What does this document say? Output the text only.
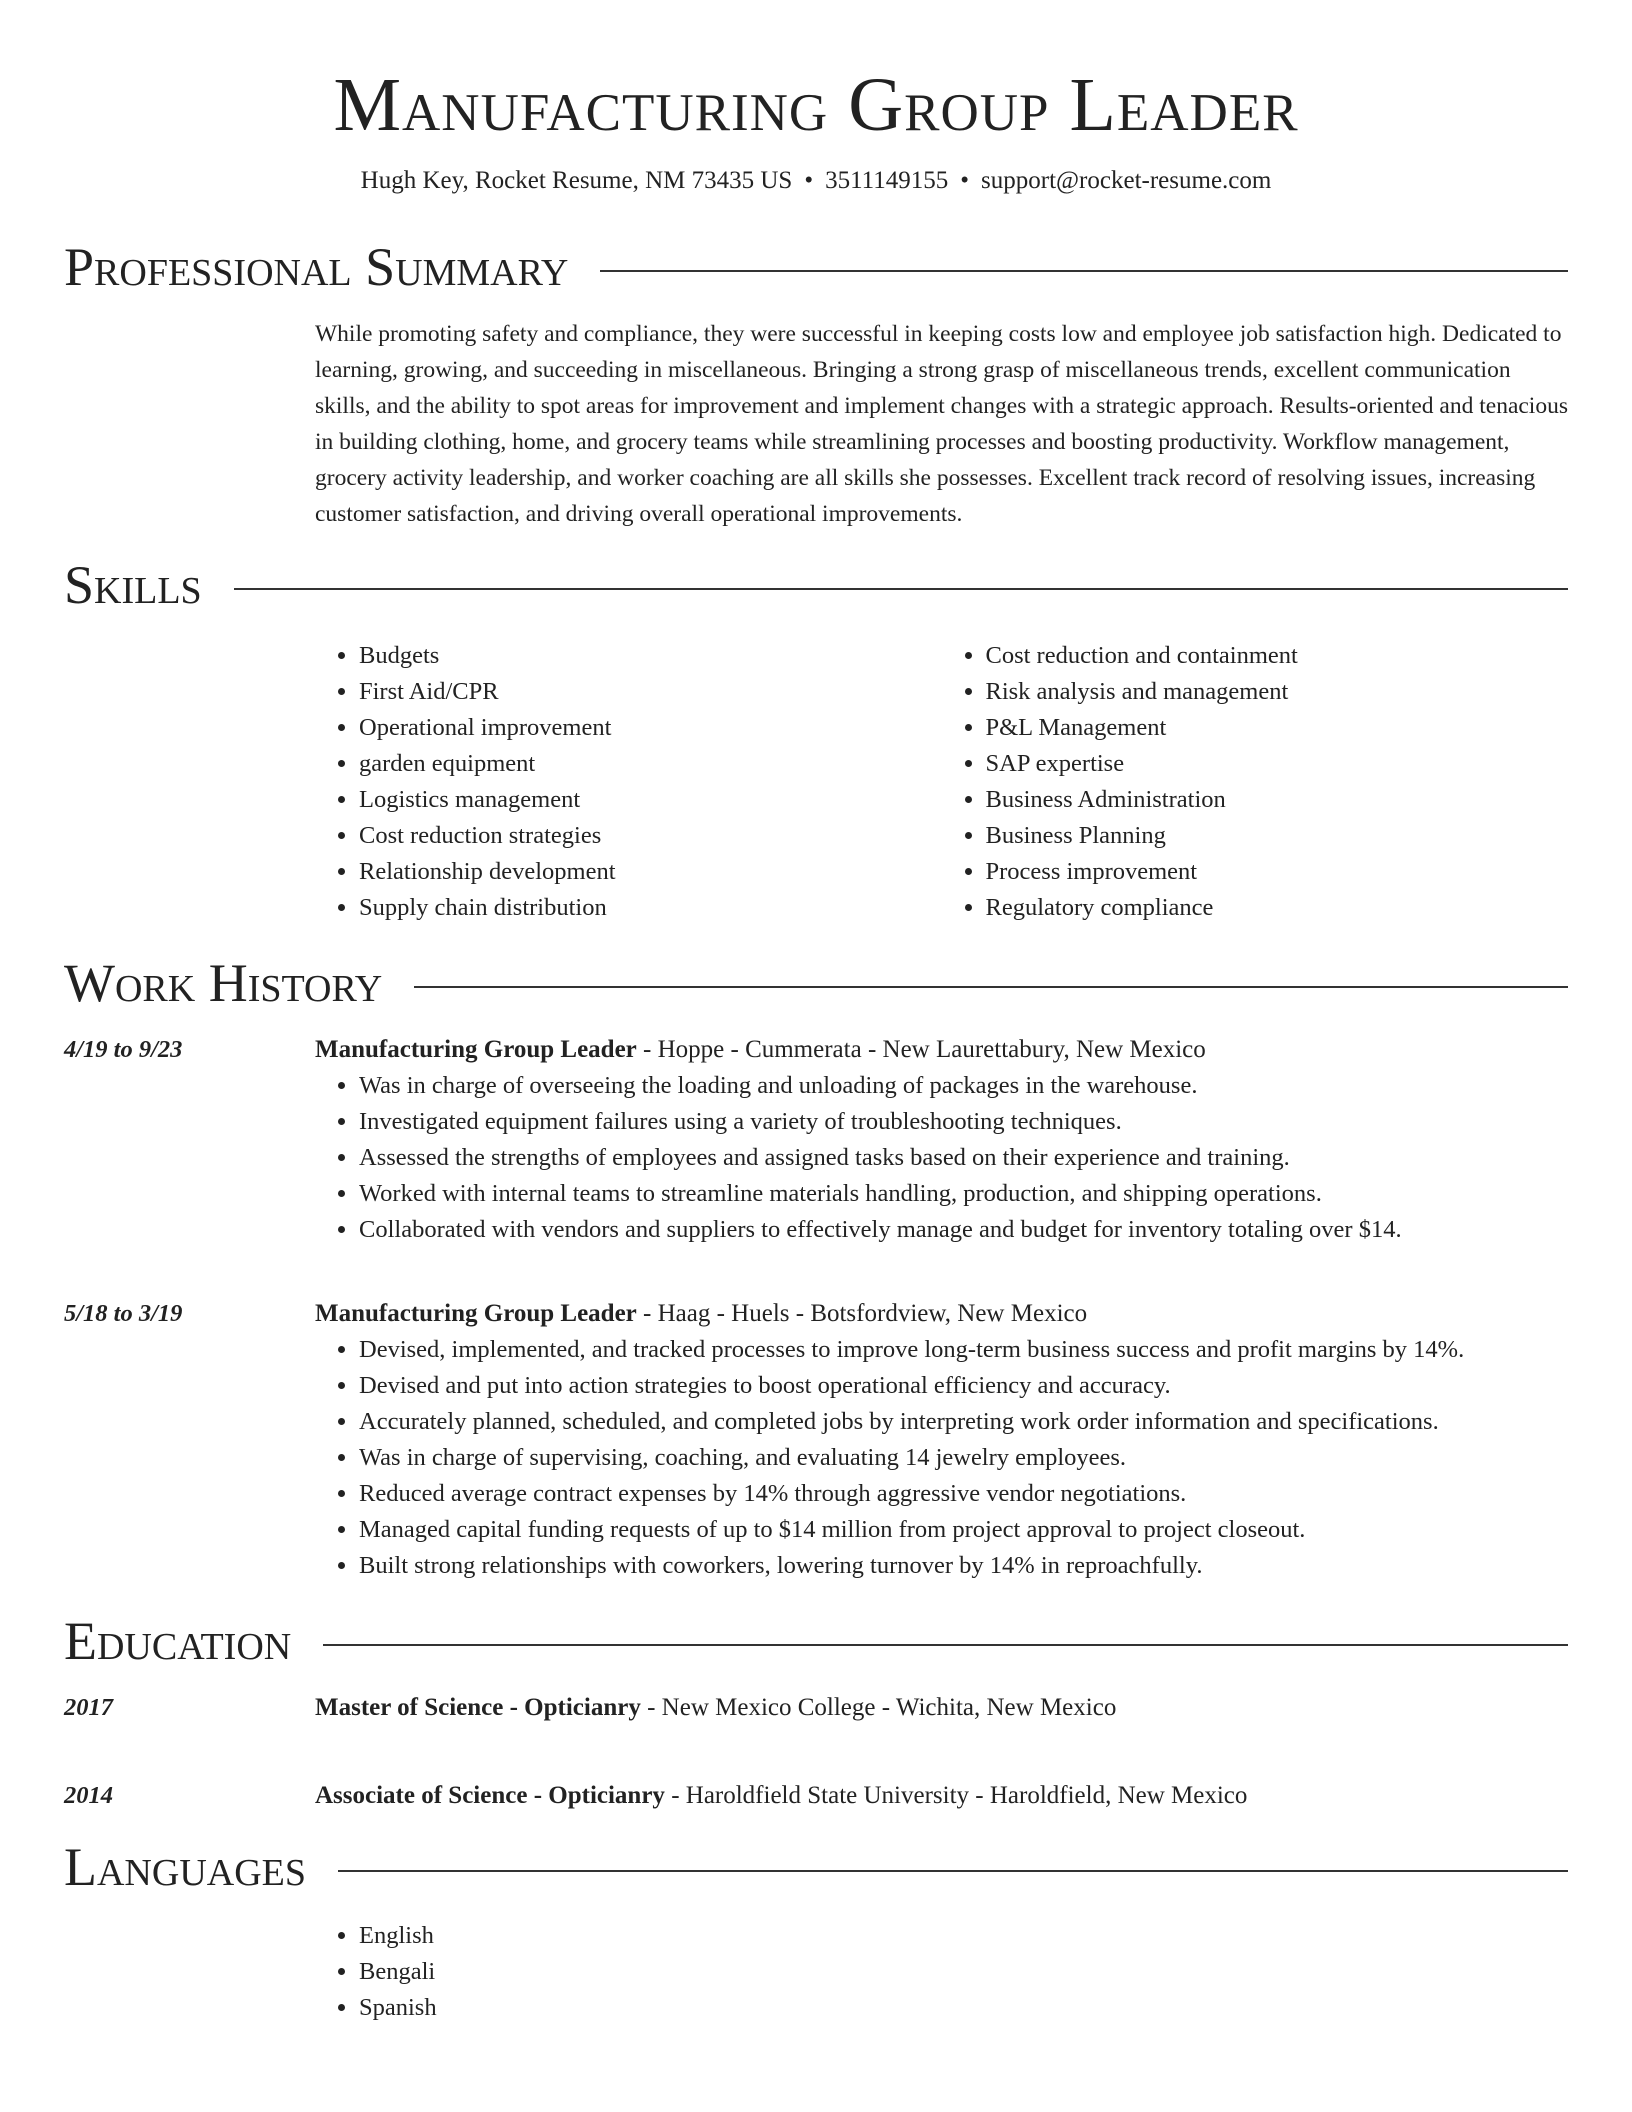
Manufacturing Group Leader
Hugh Key, Rocket Resume, NM 73435 US • 3511149155 • support@rocket-resume.com
Professional Summary
While promoting safety and compliance, they were successful in keeping costs low and employee job satisfaction high. Dedicated to learning, growing, and succeeding in miscellaneous. Bringing a strong grasp of miscellaneous trends, excellent communication skills, and the ability to spot areas for improvement and implement changes with a strategic approach. Results-oriented and tenacious in building clothing, home, and grocery teams while streamlining processes and boosting productivity. Workflow management, grocery activity leadership, and worker coaching are all skills she possesses. Excellent track record of resolving issues, increasing customer satisfaction, and driving overall operational improvements.
Skills
• Budgets
• First Aid/CPR
• Operational improvement
• garden equipment
• Logistics management
• Cost reduction strategies
• Relationship development
• Supply chain distribution
• Cost reduction and containment
• Risk analysis and management
• P&L Management
• SAP expertise
• Business Administration
• Business Planning
• Process improvement
• Regulatory compliance
Work History
4/19 to 9/23	Manufacturing Group Leader - Hoppe - Cummerata - New Laurettabury, New Mexico
• Was in charge of overseeing the loading and unloading of packages in the warehouse.
• Investigated equipment failures using a variety of troubleshooting techniques.
• Assessed the strengths of employees and assigned tasks based on their experience and training.
• Worked with internal teams to streamline materials handling, production, and shipping operations.
• Collaborated with vendors and suppliers to effectively manage and budget for inventory totaling over $14.
5/18 to 3/19	Manufacturing Group Leader - Haag - Huels - Botsfordview, New Mexico
• Devised, implemented, and tracked processes to improve long-term business success and profit margins by 14%.
• Devised and put into action strategies to boost operational efficiency and accuracy.
• Accurately planned, scheduled, and completed jobs by interpreting work order information and specifications.
• Was in charge of supervising, coaching, and evaluating 14 jewelry employees.
• Reduced average contract expenses by 14% through aggressive vendor negotiations.
• Managed capital funding requests of up to $14 million from project approval to project closeout.
• Built strong relationships with coworkers, lowering turnover by 14% in reproachfully.
Education
2017	Master of Science - Opticianry - New Mexico College - Wichita, New Mexico
2014	Associate of Science - Opticianry - Haroldfield State University - Haroldfield, New Mexico
Languages
• English
• Bengali
• Spanish
